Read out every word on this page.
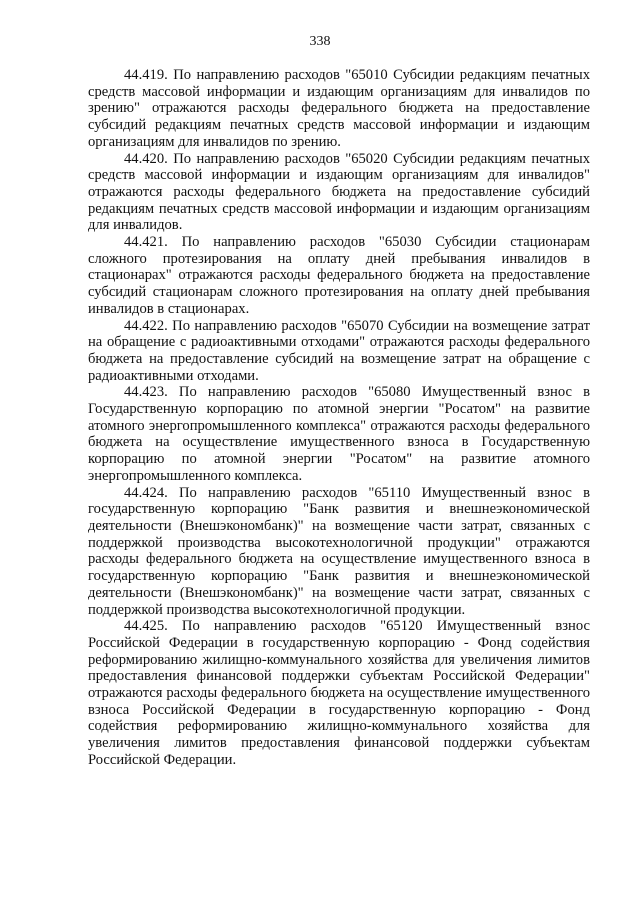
338

44.419. По направлению расходов "65010 Субсидии редакциям печатных средств массовой информации и издающим организациям для инвалидов по зрению" отражаются расходы федерального бюджета на предоставление субсидий редакциям печатных средств массовой информации и издающим организациям для инвалидов по зрению.

44.420. По направлению расходов "65020 Субсидии редакциям печатных средств массовой информации и издающим организациям для инвалидов" отражаются расходы федерального бюджета на предоставление субсидий редакциям печатных средств массовой информации и издающим организациям для инвалидов.

44.421. По направлению расходов "65030 Субсидии стационарам сложного протезирования на оплату дней пребывания инвалидов в стационарах" отражаются расходы федерального бюджета на предоставление субсидий стационарам сложного протезирования на оплату дней пребывания инвалидов в стационарах.

44.422. По направлению расходов "65070 Субсидии на возмещение затрат на обращение с радиоактивными отходами" отражаются расходы федерального бюджета на предоставление субсидий на возмещение затрат на обращение с радиоактивными отходами.

44.423. По направлению расходов "65080 Имущественный взнос в Государственную корпорацию по атомной энергии "Росатом" на развитие атомного энергопромышленного комплекса" отражаются расходы федерального бюджета на осуществление имущественного взноса в Государственную корпорацию по атомной энергии "Росатом" на развитие атомного энергопромышленного комплекса.

44.424. По направлению расходов "65110 Имущественный взнос в государственную корпорацию "Банк развития и внешнеэкономической деятельности (Внешэкономбанк)" на возмещение части затрат, связанных с поддержкой производства высокотехнологичной продукции" отражаются расходы федерального бюджета на осуществление имущественного взноса в государственную корпорацию "Банк развития и внешнеэкономической деятельности (Внешэкономбанк)" на возмещение части затрат, связанных с поддержкой производства высокотехнологичной продукции.

44.425. По направлению расходов "65120 Имущественный взнос Российской Федерации в государственную корпорацию - Фонд содействия реформированию жилищно-коммунального хозяйства для увеличения лимитов предоставления финансовой поддержки субъектам Российской Федерации" отражаются расходы федерального бюджета на осуществление имущественного взноса Российской Федерации в государственную корпорацию - Фонд содействия реформированию жилищно-коммунального хозяйства для увеличения лимитов предоставления финансовой поддержки субъектам Российской Федерации.
